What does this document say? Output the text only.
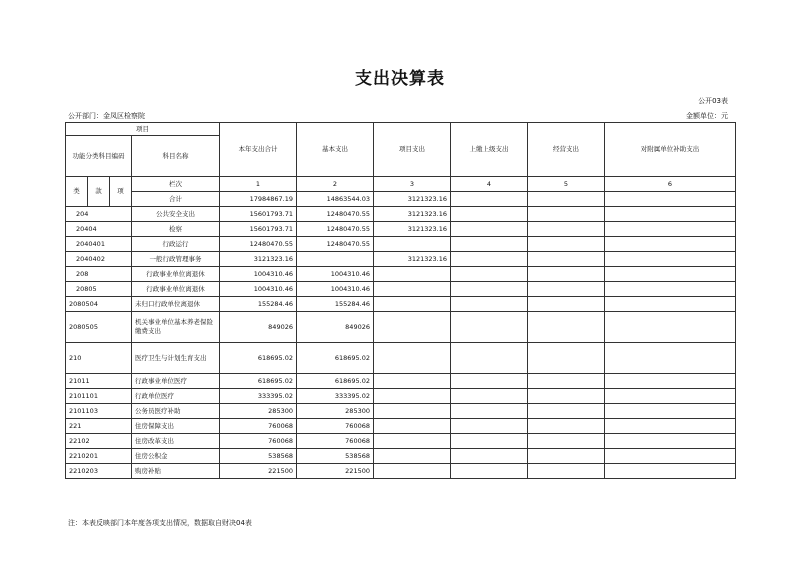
支出决算表
公开03表
公开部门：金凤区检察院	金额单位：元
项目				本年支出合计	基本支出	项目支出	上缴上级支出	经营支出	对附属单位补助支出
功能分类科目编码			科目名称						

类	款	项	栏次	1	2	3	4	5	6
			合计	17984867.19	14863544.03	3121323.16			
204			公共安全支出	15601793.71	12480470.55	3121323.16			
20404			检察	15601793.71	12480470.55	3121323.16			
2040401			行政运行	12480470.55	12480470.55				
2040402			一般行政管理事务	3121323.16		3121323.16			
208			行政事业单位离退休	1004310.46	1004310.46				
20805			行政事业单位离退休	1004310.46	1004310.46				
2080504			未归口行政单位离退休	155284.46	155284.46				
2080505			机关事业单位基本养老保险缴费支出	849026	849026				
210			医疗卫生与计划生育支出	618695.02	618695.02				
21011			行政事业单位医疗	618695.02	618695.02				
2101101			行政单位医疗	333395.02	333395.02				
2101103			公务员医疗补助	285300	285300				
221			住房保障支出	760068	760068				
22102			住房改革支出	760068	760068				
2210201			住房公积金	538568	538568				
2210203			购房补贴	221500	221500				
注：本表反映部门本年度各项支出情况，数据取自财决04表
